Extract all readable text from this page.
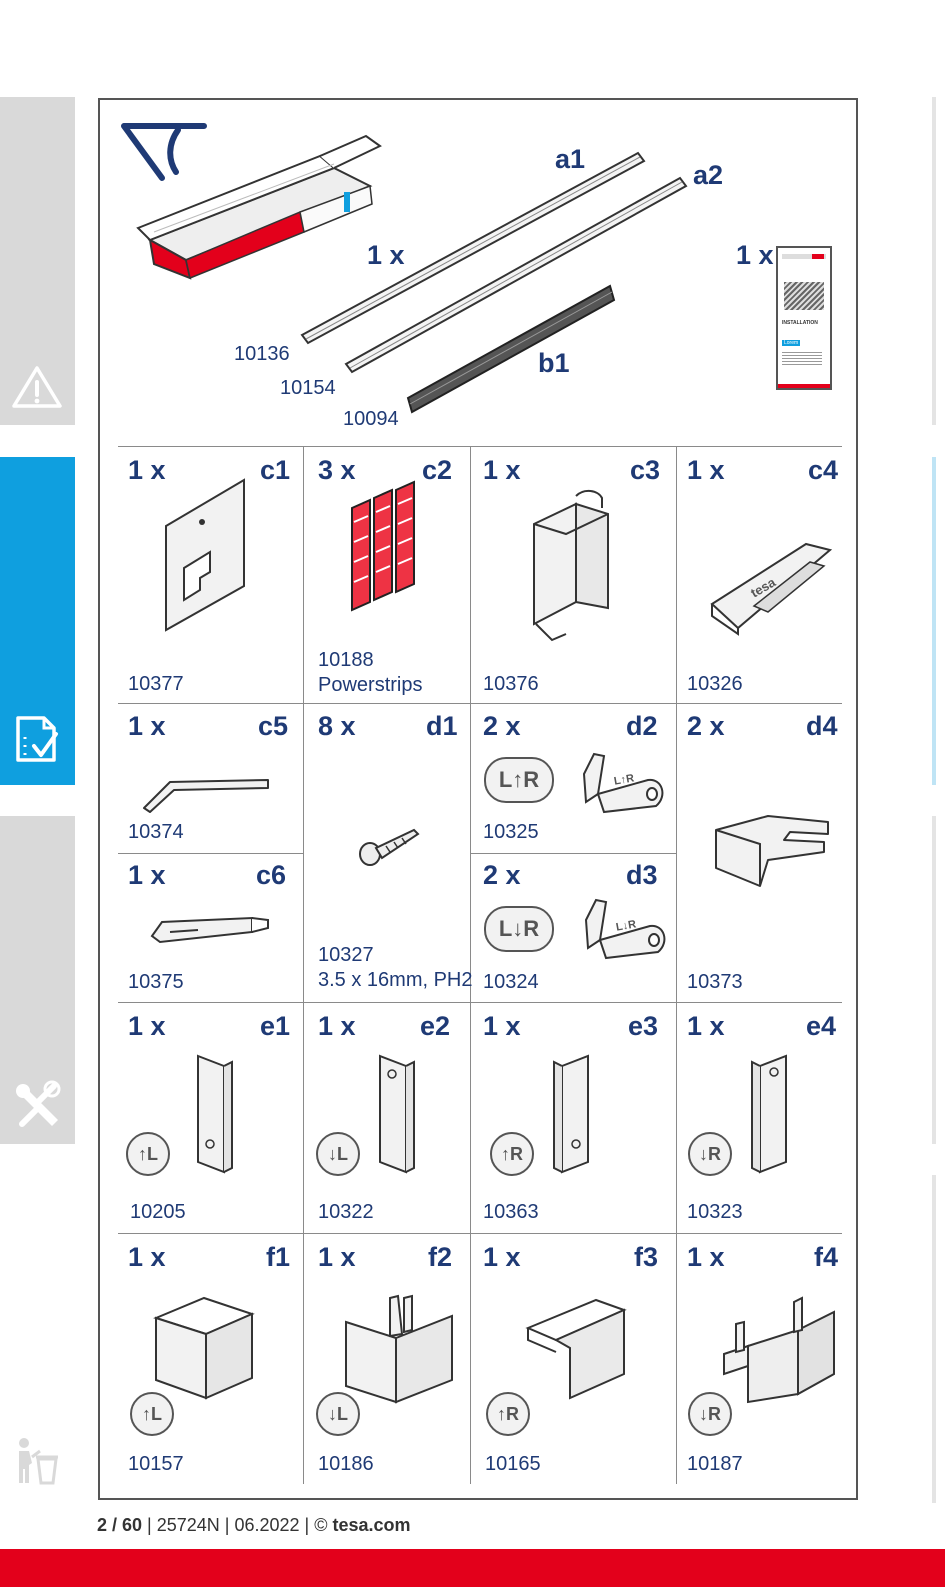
a1
a2
b1
1 x	1 x
10136
10154
10094
INSTALLATION
Lorem
1 x	c1
10377
3 x c2
10188
Powerstrips
1 x	c3
10376
1 x	c4
tesa
10326
1 x	c5
10374
1 x	c6
10375
8 x	d1
10327
3.5 x 16mm, PH2
2 x	d2
L↑R	L↑R
10325
2 x	d3
L↓R	L↓R
10324
2 x	d4
10373
1 x	e1
↑L
10205
1 x e2
↓L
10322
1 x	e3
↑R
10363
1 x	e4
↓R
10323
1 x	f1
↑L
10157
1 x	f2
↓L
10186
1 x	f3
↑R
10165
1 x	f4
↓R
10187
2 / 60 | 25724N | 06.2022 | © tesa.com
